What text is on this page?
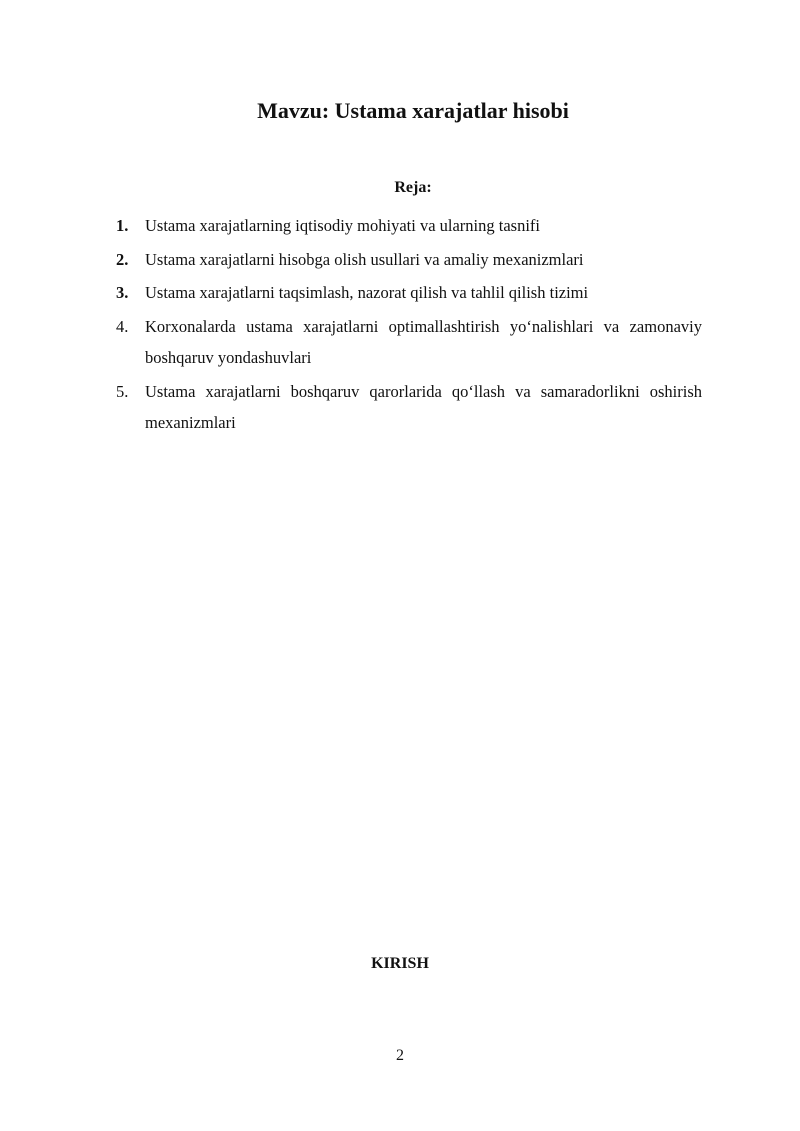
Mavzu: Ustama xarajatlar hisobi
Reja:
1. Ustama xarajatlarning iqtisodiy mohiyati va ularning tasnifi
2. Ustama xarajatlarni hisobga olish usullari va amaliy mexanizmlari
3. Ustama xarajatlarni taqsimlash, nazorat qilish va tahlil qilish tizimi
4. Korxonalarda ustama xarajatlarni optimallashtirish yo‘nalishlari va zamonaviy boshqaruv yondashuvlari
5. Ustama xarajatlarni boshqaruv qarorlarida qo‘llash va samaradorlikni oshirish mexanizmlari
KIRISH
2
